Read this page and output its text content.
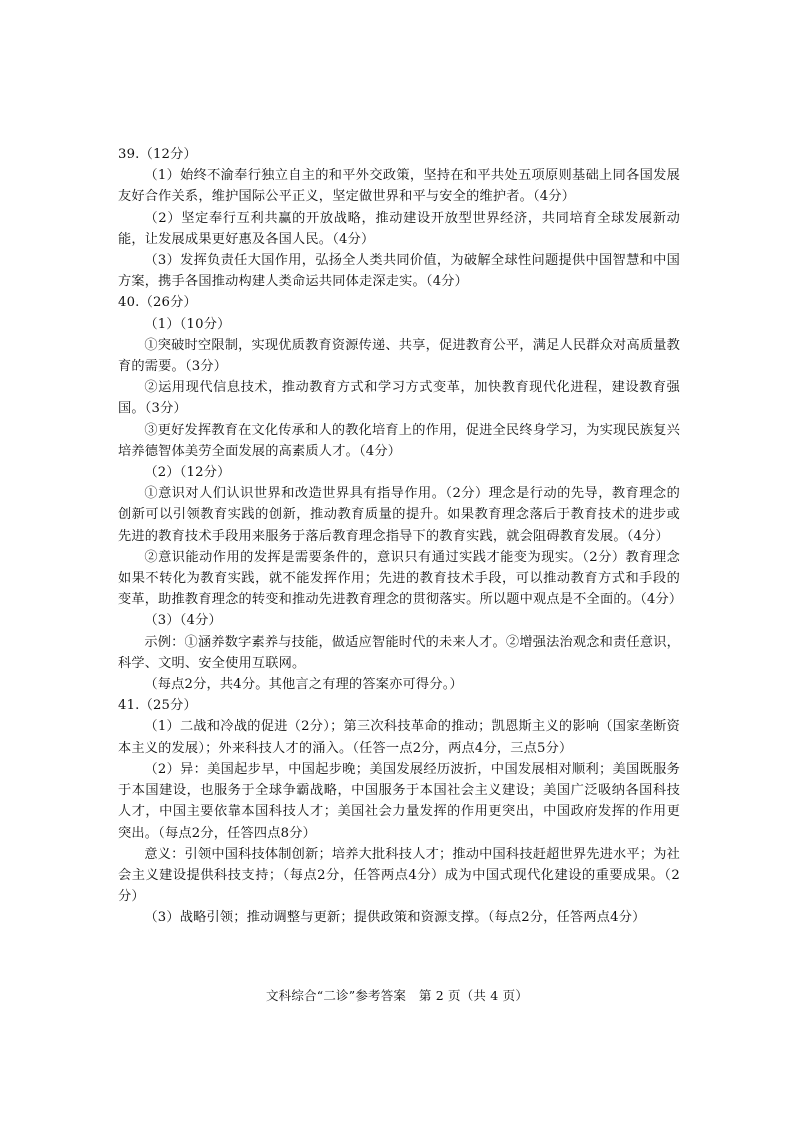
39.（12分）

（1）始终不渝奉行独立自主的和平外交政策，坚持在和平共处五项原则基础上同各国发展友好合作关系，维护国际公平正义，坚定做世界和平与安全的维护者。（4分）

（2）坚定奉行互利共赢的开放战略，推动建设开放型世界经济，共同培育全球发展新动能，让发展成果更好惠及各国人民。（4分）

（3）发挥负责任大国作用，弘扬全人类共同价值，为破解全球性问题提供中国智慧和中国方案，携手各国推动构建人类命运共同体走深走实。（4分）

40.（26分）

（1）（10分）

①突破时空限制，实现优质教育资源传递、共享，促进教育公平，满足人民群众对高质量教育的需要。（3分）

②运用现代信息技术，推动教育方式和学习方式变革，加快教育现代化进程，建设教育强国。（3分）

③更好发挥教育在文化传承和人的教化培育上的作用，促进全民终身学习，为实现民族复兴培养德智体美劳全面发展的高素质人才。（4分）

（2）（12分）

①意识对人们认识世界和改造世界具有指导作用。（2分）理念是行动的先导，教育理念的创新可以引领教育实践的创新，推动教育质量的提升。如果教育理念落后于教育技术的进步或先进的教育技术手段用来服务于落后教育理念指导下的教育实践，就会阻碍教育发展。（4分）

②意识能动作用的发挥是需要条件的，意识只有通过实践才能变为现实。（2分）教育理念如果不转化为教育实践，就不能发挥作用；先进的教育技术手段，可以推动教育方式和手段的变革，助推教育理念的转变和推动先进教育理念的贯彻落实。所以题中观点是不全面的。（4分）

（3）（4分）

示例：①涵养数字素养与技能，做适应智能时代的未来人才。②增强法治观念和责任意识，科学、文明、安全使用互联网。

（每点2分，共4分。其他言之有理的答案亦可得分。）

41.（25分）

（1）二战和冷战的促进（2分）；第三次科技革命的推动；凯恩斯主义的影响（国家垄断资本主义的发展）；外来科技人才的涌入。（任答一点2分，两点4分，三点5分）

（2）异：美国起步早，中国起步晚；美国发展经历波折，中国发展相对顺利；美国既服务于本国建设，也服务于全球争霸战略，中国服务于本国社会主义建设；美国广泛吸纳各国科技人才，中国主要依靠本国科技人才；美国社会力量发挥的作用更突出，中国政府发挥的作用更突出。（每点2分，任答四点8分）

意义：引领中国科技体制创新；培养大批科技人才；推动中国科技赶超世界先进水平；为社会主义建设提供科技支持；（每点2分，任答两点4分）成为中国式现代化建设的重要成果。（2分）

（3）战略引领；推动调整与更新；提供政策和资源支撑。（每点2分，任答两点4分）

文科综合“二诊”参考答案　第 2 页（共 4 页）
